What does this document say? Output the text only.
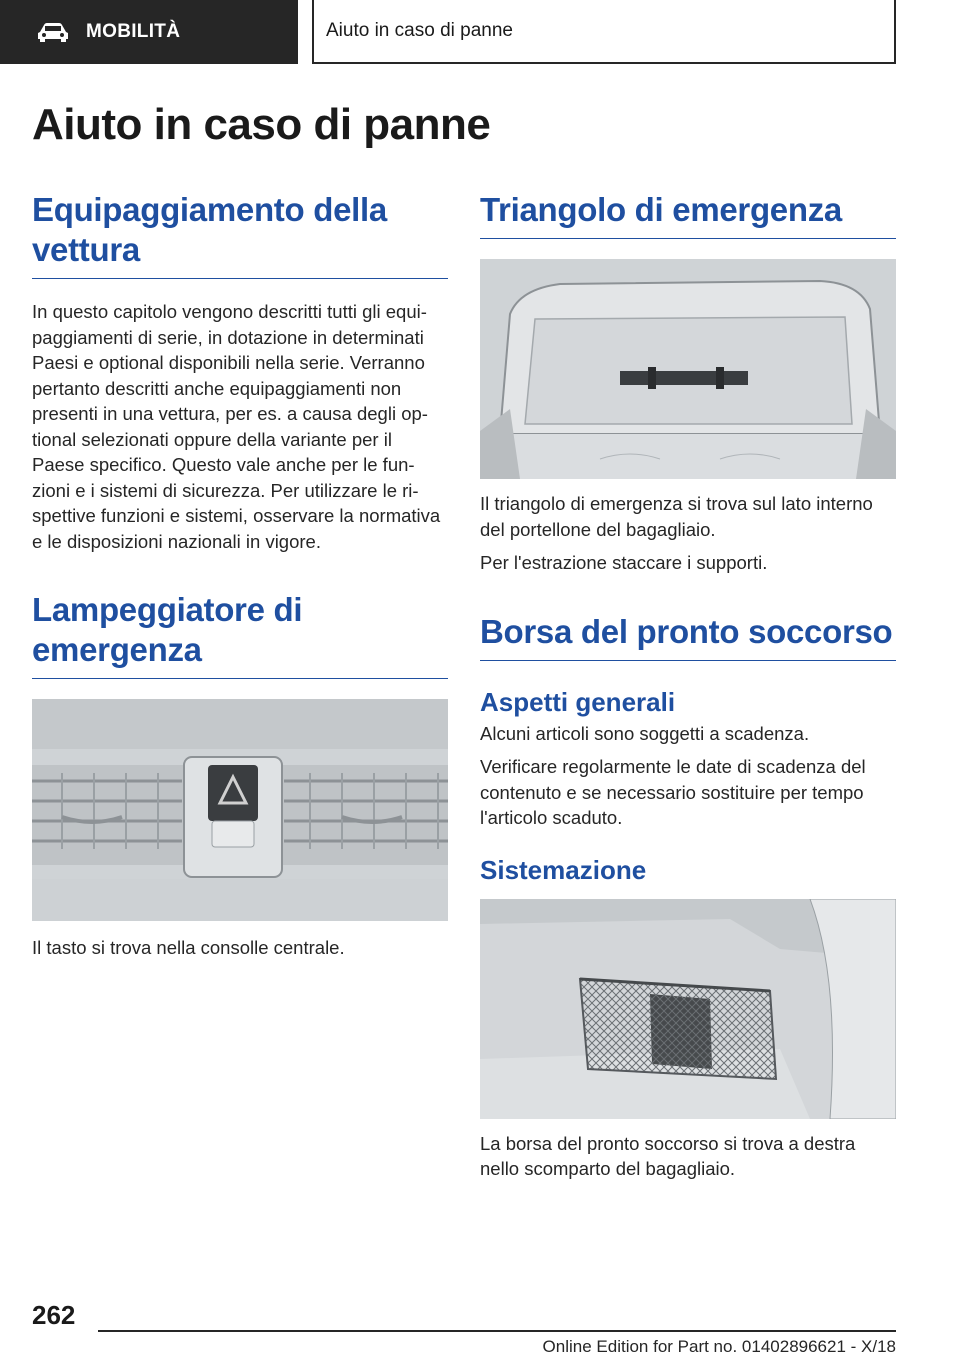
MOBILITÀ	Aiuto in caso di panne
Aiuto in caso di panne
Equipaggiamento della vettura
In questo capitolo vengono descritti tutti gli equi-
paggiamenti di serie, in dotazione in determinati
Paesi e optional disponibili nella serie. Verranno
pertanto descritti anche equipaggiamenti non
presenti in una vettura, per es. a causa degli op-
tional selezionati oppure della variante per il
Paese specifico. Questo vale anche per le fun-
zioni e i sistemi di sicurezza. Per utilizzare le ri-
spettive funzioni e sistemi, osservare la normativa
e le disposizioni nazionali in vigore.
Lampeggiatore di emergenza
Il tasto si trova nella consolle centrale.
Triangolo di emergenza
Il triangolo di emergenza si trova sul lato interno
del portellone del bagagliaio.
Per l'estrazione staccare i supporti.
Borsa del pronto soccorso
Aspetti generali
Alcuni articoli sono soggetti a scadenza.
Verificare regolarmente le date di scadenza del
contenuto e se necessario sostituire per tempo
l'articolo scaduto.
Sistemazione
La borsa del pronto soccorso si trova a destra
nello scomparto del bagagliaio.
262
Online Edition for Part no. 01402896621 - X/18
